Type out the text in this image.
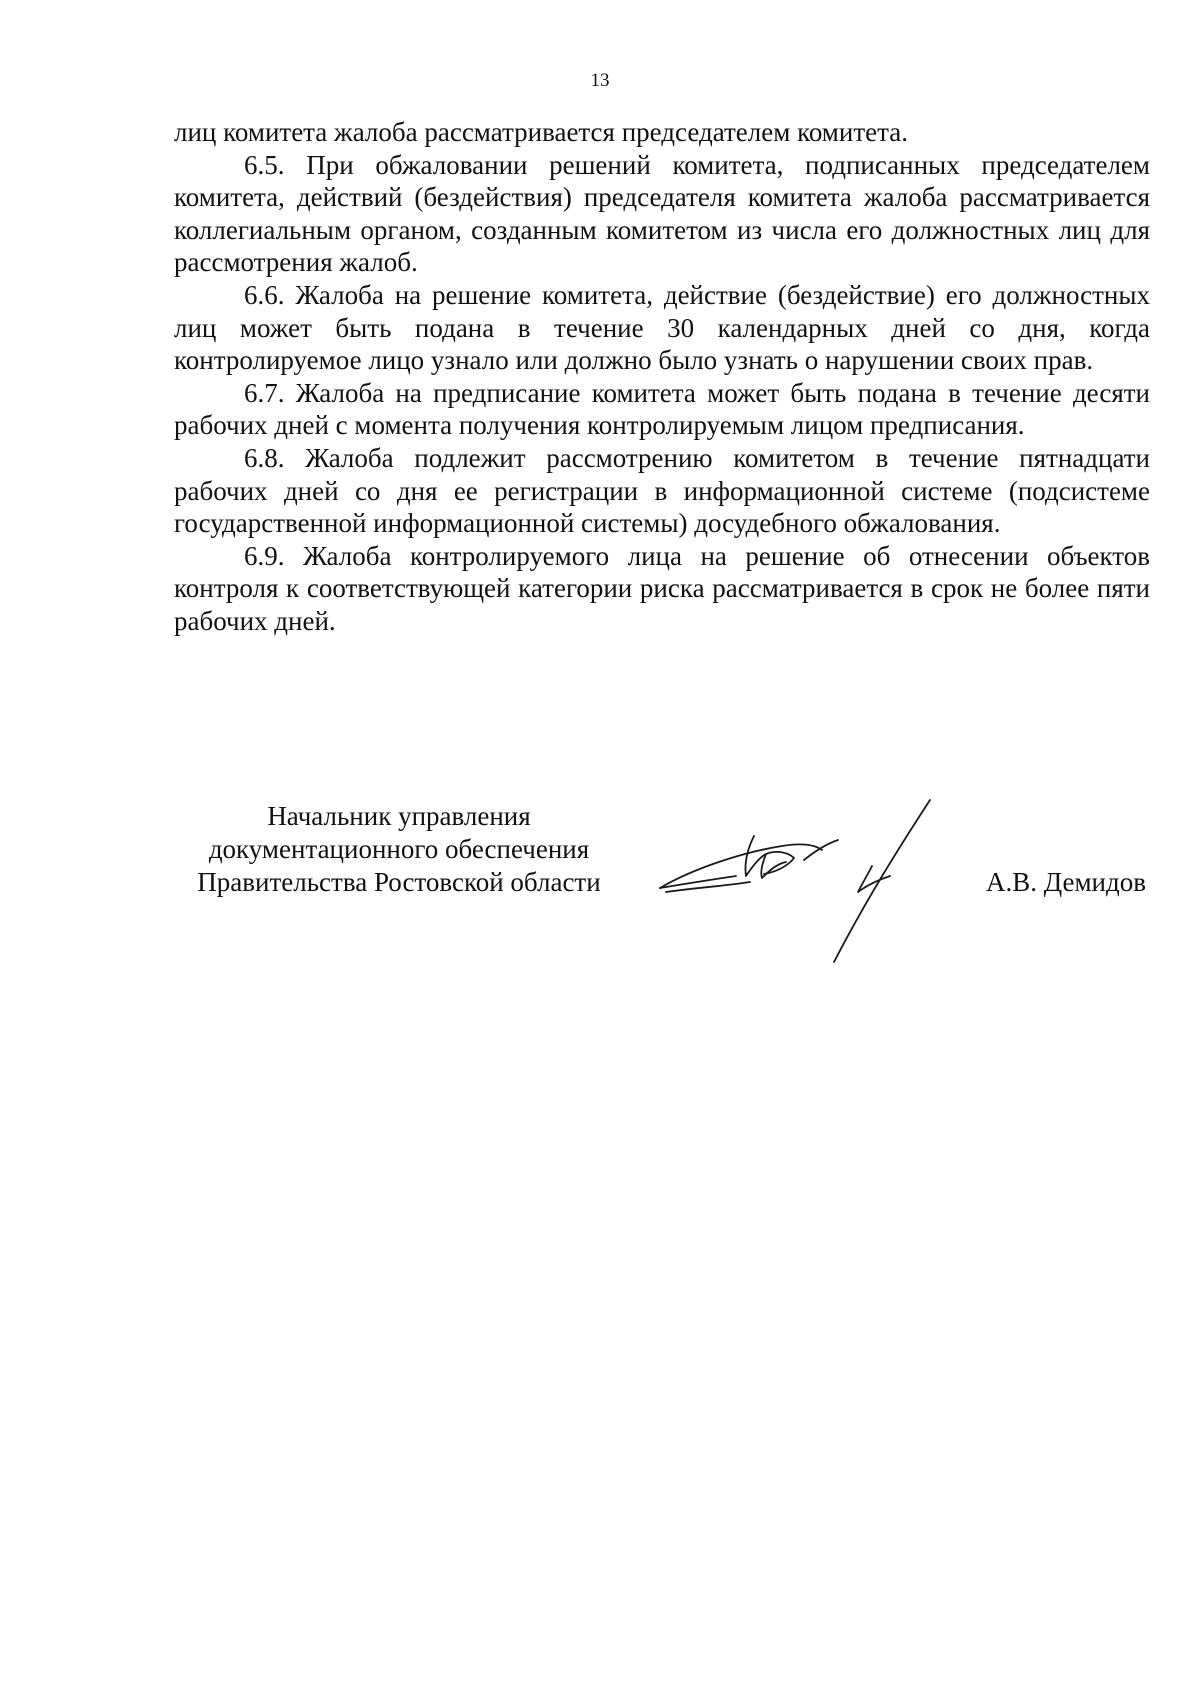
13

лиц комитета жалоба рассматривается председателем комитета.

6.5. При обжаловании решений комитета, подписанных председателем комитета, действий (бездействия) председателя комитета жалоба рассматривается коллегиальным органом, созданным комитетом из числа его должностных лиц для рассмотрения жалоб.

6.6. Жалоба на решение комитета, действие (бездействие) его должностных лиц может быть подана в течение 30 календарных дней со дня, когда контролируемое лицо узнало или должно было узнать о нарушении своих прав.

6.7. Жалоба на предписание комитета может быть подана в течение десяти рабочих дней с момента получения контролируемым лицом предписания.

6.8. Жалоба подлежит рассмотрению комитетом в течение пятнадцати рабочих дней со дня ее регистрации в информационной системе (подсистеме государственной информационной системы) досудебного обжалования.

6.9. Жалоба контролируемого лица на решение об отнесении объектов контроля к соответствующей категории риска рассматривается в срок не более пяти рабочих дней.

Начальник управления
документационного обеспечения
Правительства Ростовской области	А.В. Демидов
